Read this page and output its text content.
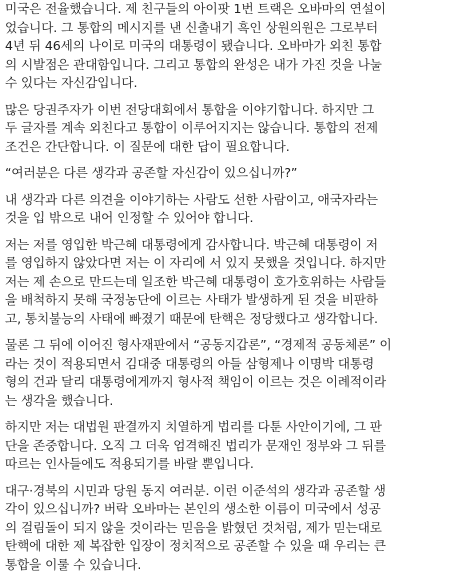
미국은 전율했습니다. 제 친구들의 아이팟 1번 트랙은 오바마의 연설이
었습니다. 그 통합의 메시지를 낸 신출내기 흑인 상원의원은 그로부터
4년 뒤 46세의 나이로 미국의 대통령이 됐습니다. 오바마가 외친 통합
의 시발점은 관대함입니다. 그리고 통합의 완성은 내가 가진 것을 나눌
수 있다는 자신감입니다.

많은 당권주자가 이번 전당대회에서 통합을 이야기합니다. 하지만 그
두 글자를 계속 외친다고 통합이 이루어지지는 않습니다. 통합의 전제
조건은 간단합니다. 이 질문에 대한 답이 필요합니다.

“여러분은 다른 생각과 공존할 자신감이 있으십니까?”

내 생각과 다른 의견을 이야기하는 사람도 선한 사람이고, 애국자라는
것을 입 밖으로 내어 인정할 수 있어야 합니다.

저는 저를 영입한 박근혜 대통령에게 감사합니다. 박근혜 대통령이 저
를 영입하지 않았다면 저는 이 자리에 서 있지 못했을 것입니다. 하지만
저는 제 손으로 만드는데 일조한 박근혜 대통령이 호가호위하는 사람들
을 배척하지 못해 국정농단에 이르는 사태가 발생하게 된 것을 비판하
고, 통치불능의 사태에 빠졌기 때문에 탄핵은 정당했다고 생각합니다.

물론 그 뒤에 이어진 형사재판에서 “공동지갑론”, “경제적 공동체론” 이
라는 것이 적용되면서 김대중 대통령의 아들 삼형제나 이명박 대통령
형의 건과 달리 대통령에게까지 형사적 책임이 이르는 것은 이례적이라
는 생각을 했습니다.

하지만 저는 대법원 판결까지 치열하게 법리를 다툰 사안이기에, 그 판
단을 존중합니다. 오직 그 더욱 엄격해진 법리가 문재인 정부와 그 뒤를
따르는 인사들에도 적용되기를 바랄 뿐입니다.

대구·경북의 시민과 당원 동지 여러분. 이런 이준석의 생각과 공존할 생
각이 있으십니까? 버락 오바마는 본인의 생소한 이름이 미국에서 성공
의 걸림돌이 되지 않을 것이라는 믿음을 밝혔던 것처럼, 제가 믿는대로
탄핵에 대한 제 복잡한 입장이 정치적으로 공존할 수 있을 때 우리는 큰
통합을 이룰 수 있습니다.
